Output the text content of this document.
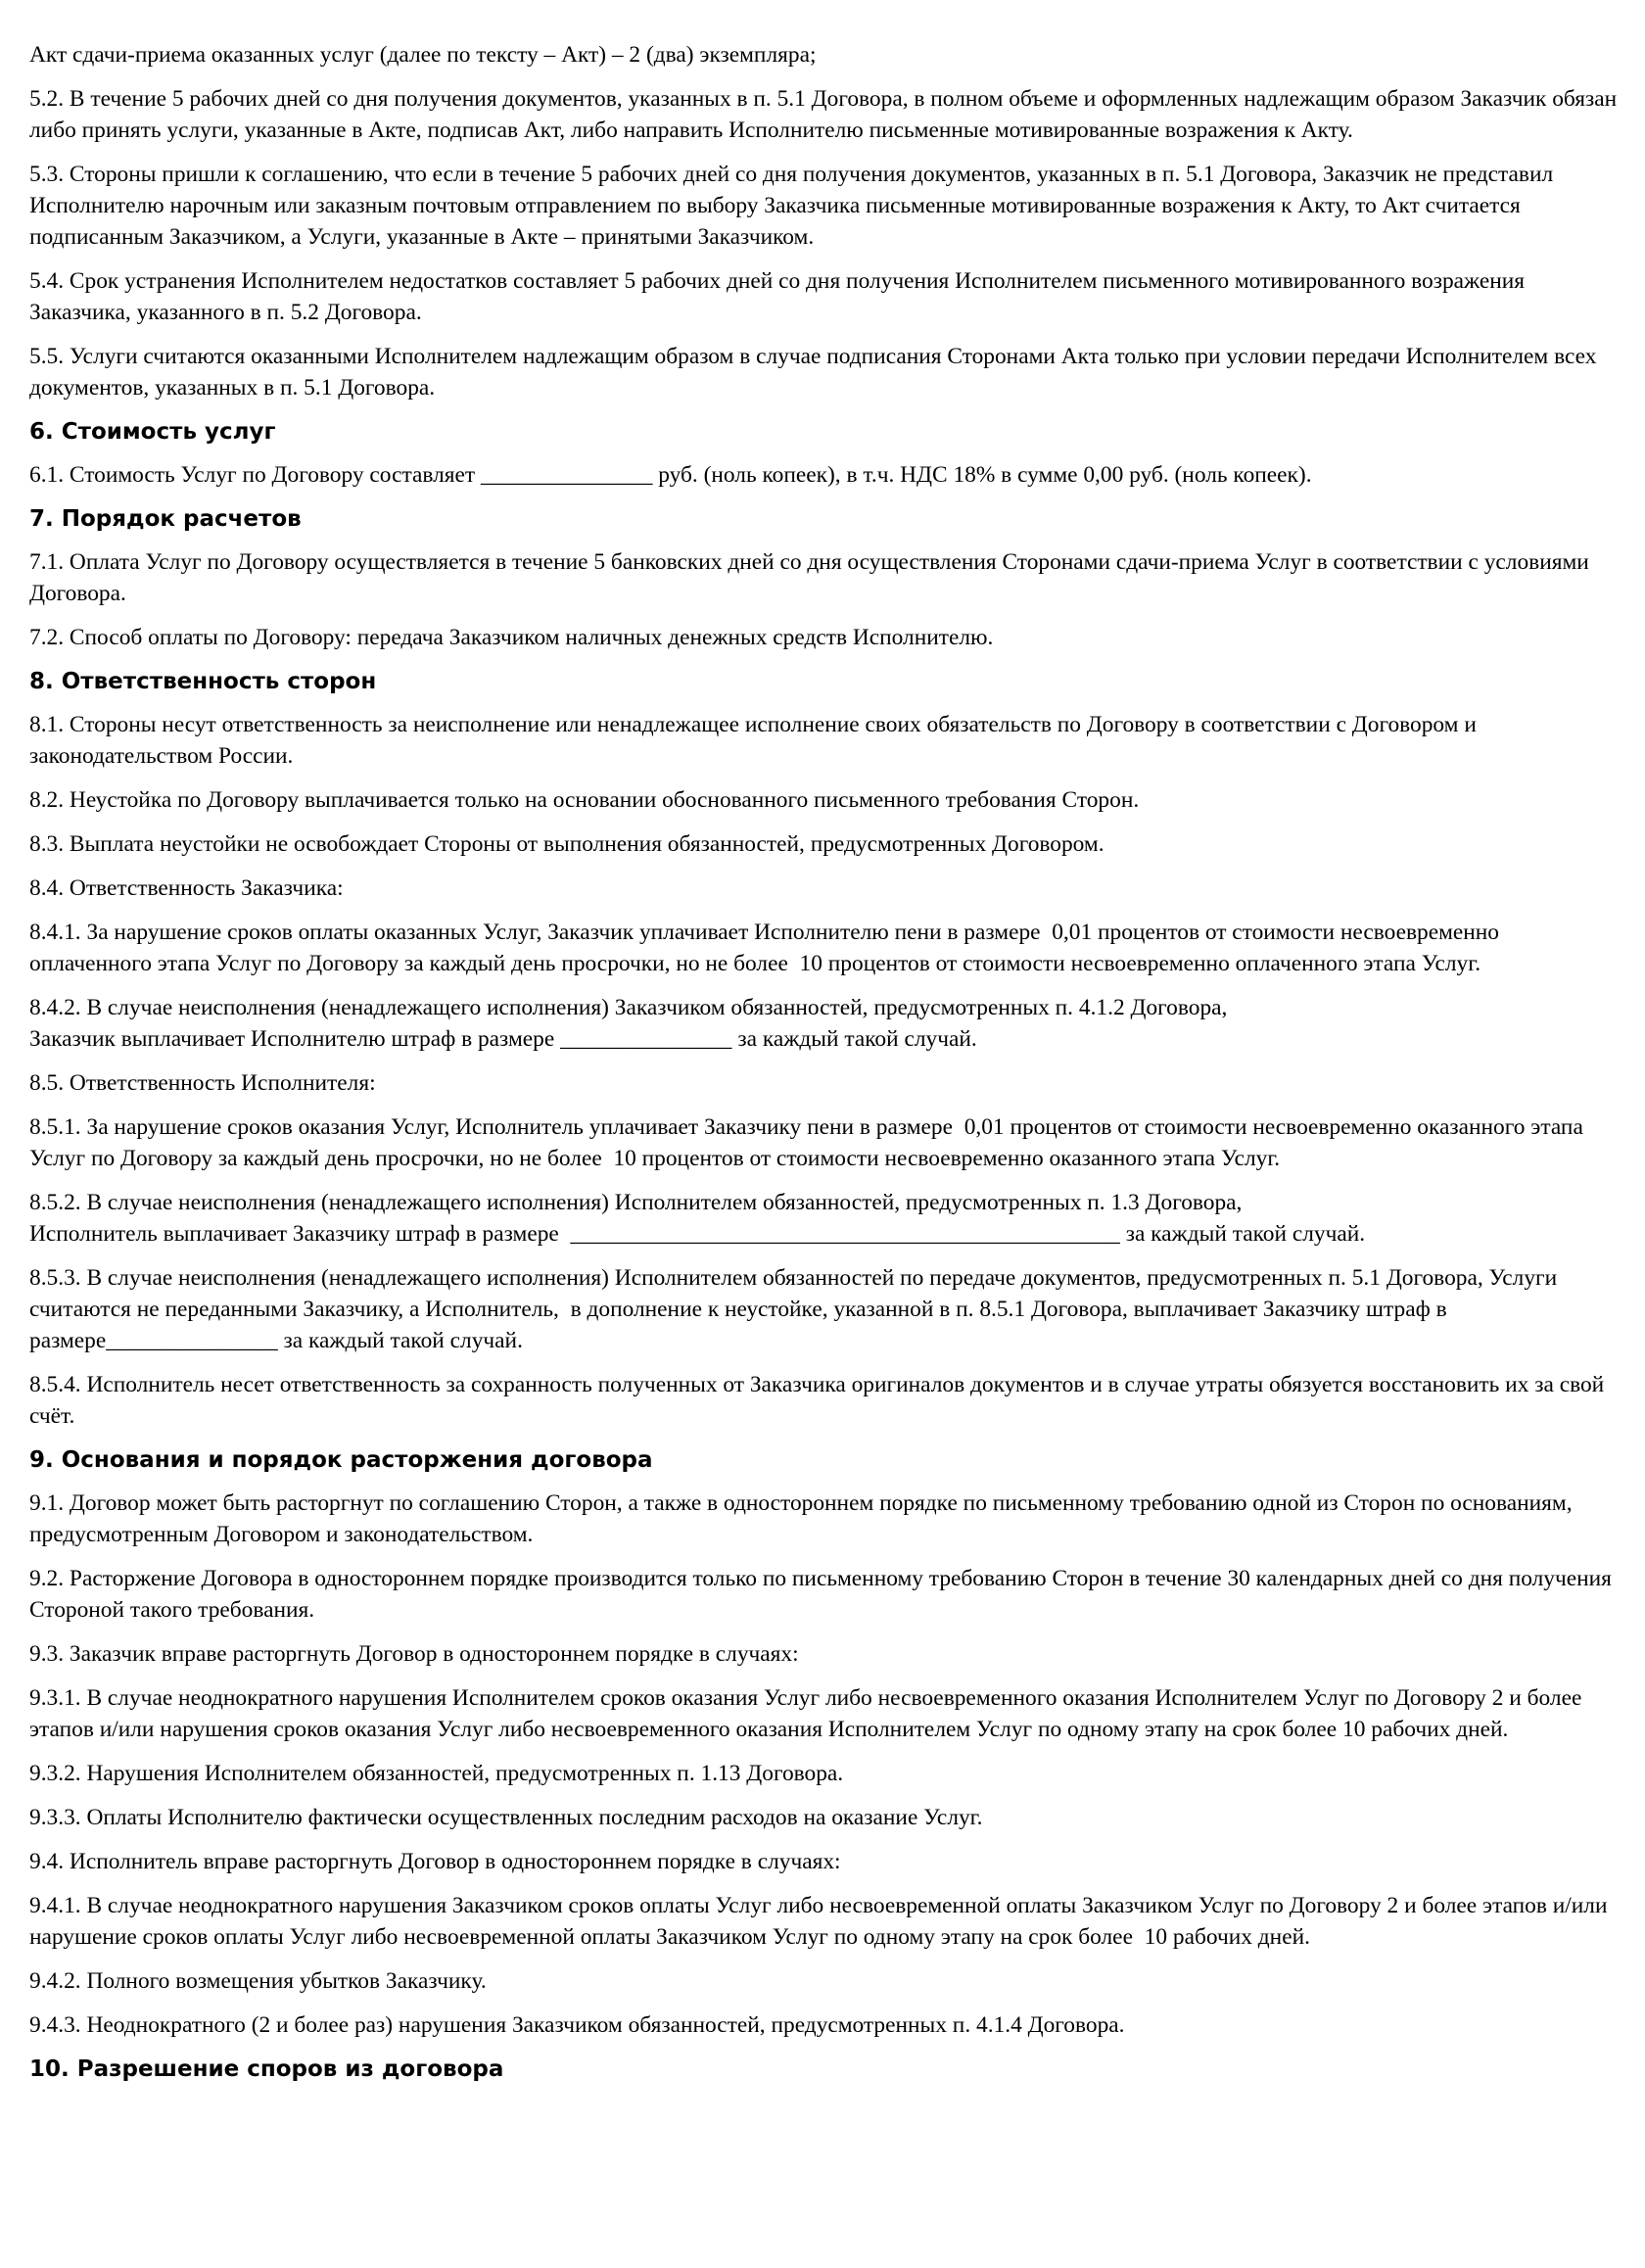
Акт сдачи-приема оказанных услуг (далее по тексту – Акт) – 2 (два) экземпляра;

5.2. В течение 5 рабочих дней со дня получения документов, указанных в п. 5.1 Договора, в полном объеме и оформленных надлежащим образом Заказчик обязан либо принять услуги, указанные в Акте, подписав Акт, либо направить Исполнителю письменные мотивированные возражения к Акту.

5.3. Стороны пришли к соглашению, что если в течение 5 рабочих дней со дня получения документов, указанных в п. 5.1 Договора, Заказчик не представил Исполнителю нарочным или заказным почтовым отправлением по выбору Заказчика письменные мотивированные возражения к Акту, то Акт считается подписанным Заказчиком, а Услуги, указанные в Акте – принятыми Заказчиком.

5.4. Срок устранения Исполнителем недостатков составляет 5 рабочих дней со дня получения Исполнителем письменного мотивированного возражения Заказчика, указанного в п. 5.2 Договора.

5.5. Услуги считаются оказанными Исполнителем надлежащим образом в случае подписания Сторонами Акта только при условии передачи Исполнителем всех документов, указанных в п. 5.1 Договора.

6. Стоимость услуг

6.1. Стоимость Услуг по Договору составляет _______________ руб. (ноль копеек), в т.ч. НДС 18% в сумме 0,00 руб. (ноль копеек).

7. Порядок расчетов

7.1. Оплата Услуг по Договору осуществляется в течение 5 банковских дней со дня осуществления Сторонами сдачи-приема Услуг в соответствии с условиями Договора.

7.2. Способ оплаты по Договору: передача Заказчиком наличных денежных средств Исполнителю.

8. Ответственность сторон

8.1. Стороны несут ответственность за неисполнение или ненадлежащее исполнение своих обязательств по Договору в соответствии с Договором и законодательством России.

8.2. Неустойка по Договору выплачивается только на основании обоснованного письменного требования Сторон.

8.3. Выплата неустойки не освобождает Стороны от выполнения обязанностей, предусмотренных Договором.

8.4. Ответственность Заказчика:

8.4.1. За нарушение сроков оплаты оказанных Услуг, Заказчик уплачивает Исполнителю пени в размере  0,01 процентов от стоимости несвоевременно оплаченного этапа Услуг по Договору за каждый день просрочки, но не более  10 процентов от стоимости несвоевременно оплаченного этапа Услуг.

8.4.2. В случае неисполнения (ненадлежащего исполнения) Заказчиком обязанностей, предусмотренных п. 4.1.2 Договора,
Заказчик выплачивает Исполнителю штраф в размере _______________ за каждый такой случай.

8.5. Ответственность Исполнителя:

8.5.1. За нарушение сроков оказания Услуг, Исполнитель уплачивает Заказчику пени в размере  0,01 процентов от стоимости несвоевременно оказанного этапа Услуг по Договору за каждый день просрочки, но не более  10 процентов от стоимости несвоевременно оказанного этапа Услуг.

8.5.2. В случае неисполнения (ненадлежащего исполнения) Исполнителем обязанностей, предусмотренных п. 1.3 Договора,
Исполнитель выплачивает Заказчику штраф в размере  ________________________________________________ за каждый такой случай.

8.5.3. В случае неисполнения (ненадлежащего исполнения) Исполнителем обязанностей по передаче документов, предусмотренных п. 5.1 Договора, Услуги считаются не переданными Заказчику, а Исполнитель,  в дополнение к неустойке, указанной в п. 8.5.1 Договора, выплачивает Заказчику штраф в размере_______________ за каждый такой случай.

8.5.4. Исполнитель несет ответственность за сохранность полученных от Заказчика оригиналов документов и в случае утраты обязуется восстановить их за свой счёт.

9. Основания и порядок расторжения договора

9.1. Договор может быть расторгнут по соглашению Сторон, а также в одностороннем порядке по письменному требованию одной из Сторон по основаниям, предусмотренным Договором и законодательством.

9.2. Расторжение Договора в одностороннем порядке производится только по письменному требованию Сторон в течение 30 календарных дней со дня получения Стороной такого требования.

9.3. Заказчик вправе расторгнуть Договор в одностороннем порядке в случаях:

9.3.1. В случае неоднократного нарушения Исполнителем сроков оказания Услуг либо несвоевременного оказания Исполнителем Услуг по Договору 2 и более этапов и/или нарушения сроков оказания Услуг либо несвоевременного оказания Исполнителем Услуг по одному этапу на срок более 10 рабочих дней.

9.3.2. Нарушения Исполнителем обязанностей, предусмотренных п. 1.13 Договора.

9.3.3. Оплаты Исполнителю фактически осуществленных последним расходов на оказание Услуг.

9.4. Исполнитель вправе расторгнуть Договор в одностороннем порядке в случаях:

9.4.1. В случае неоднократного нарушения Заказчиком сроков оплаты Услуг либо несвоевременной оплаты Заказчиком Услуг по Договору 2 и более этапов и/или нарушение сроков оплаты Услуг либо несвоевременной оплаты Заказчиком Услуг по одному этапу на срок более  10 рабочих дней.

9.4.2. Полного возмещения убытков Заказчику.

9.4.3. Неоднократного (2 и более раз) нарушения Заказчиком обязанностей, предусмотренных п. 4.1.4 Договора.

10. Разрешение споров из договора
